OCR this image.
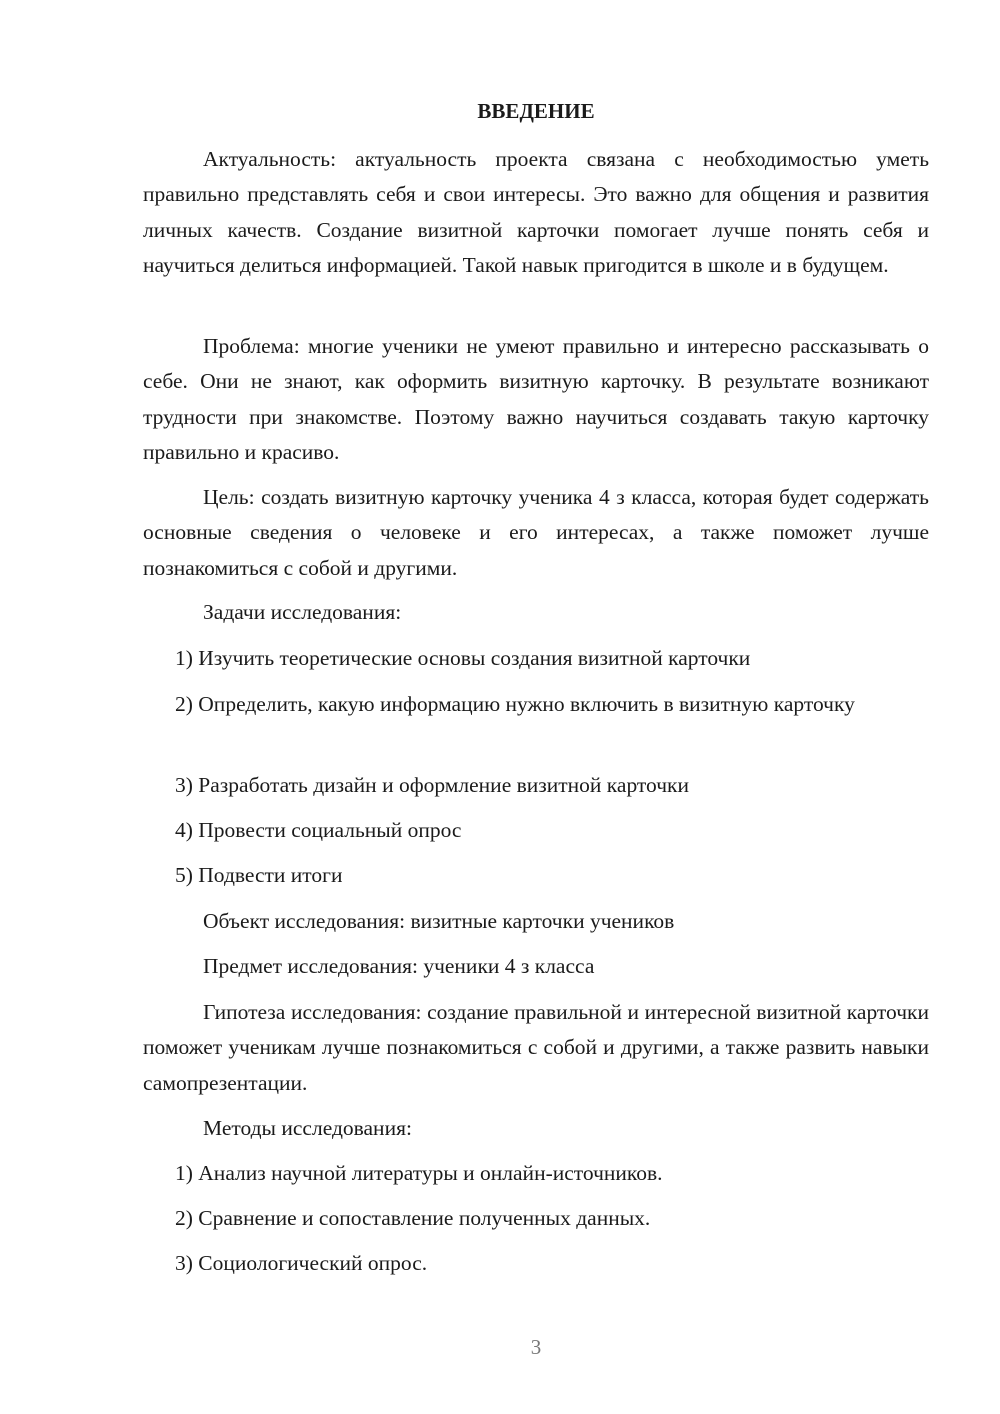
ВВЕДЕНИЕ

Актуальность: актуальность проекта связана с необходимостью уметь правильно представлять себя и свои интересы. Это важно для общения и развития личных качеств. Создание визитной карточки помогает лучше понять себя и научиться делиться информацией. Такой навык пригодится в школе и в будущем.

Проблема: многие ученики не умеют правильно и интересно рассказывать о себе. Они не знают, как оформить визитную карточку. В результате возникают трудности при знакомстве. Поэтому важно научиться создавать такую карточку правильно и красиво.

Цель: создать визитную карточку ученика 4 з класса, которая будет содержать основные сведения о человеке и его интересах, а также поможет лучше познакомиться с собой и другими.

Задачи исследования:

1) Изучить теоретические основы создания визитной карточки

2) Определить, какую информацию нужно включить в визитную карточку

3) Разработать дизайн и оформление визитной карточки

4) Провести социальный опрос

5) Подвести итоги

Объект исследования: визитные карточки учеников

Предмет исследования: ученики 4 з класса

Гипотеза исследования: создание правильной и интересной визитной карточки поможет ученикам лучше познакомиться с собой и другими, а также развить навыки самопрезентации.

Методы исследования:

1) Анализ научной литературы и онлайн-источников.

2) Сравнение и сопоставление полученных данных.

3) Социологический опрос.

3
